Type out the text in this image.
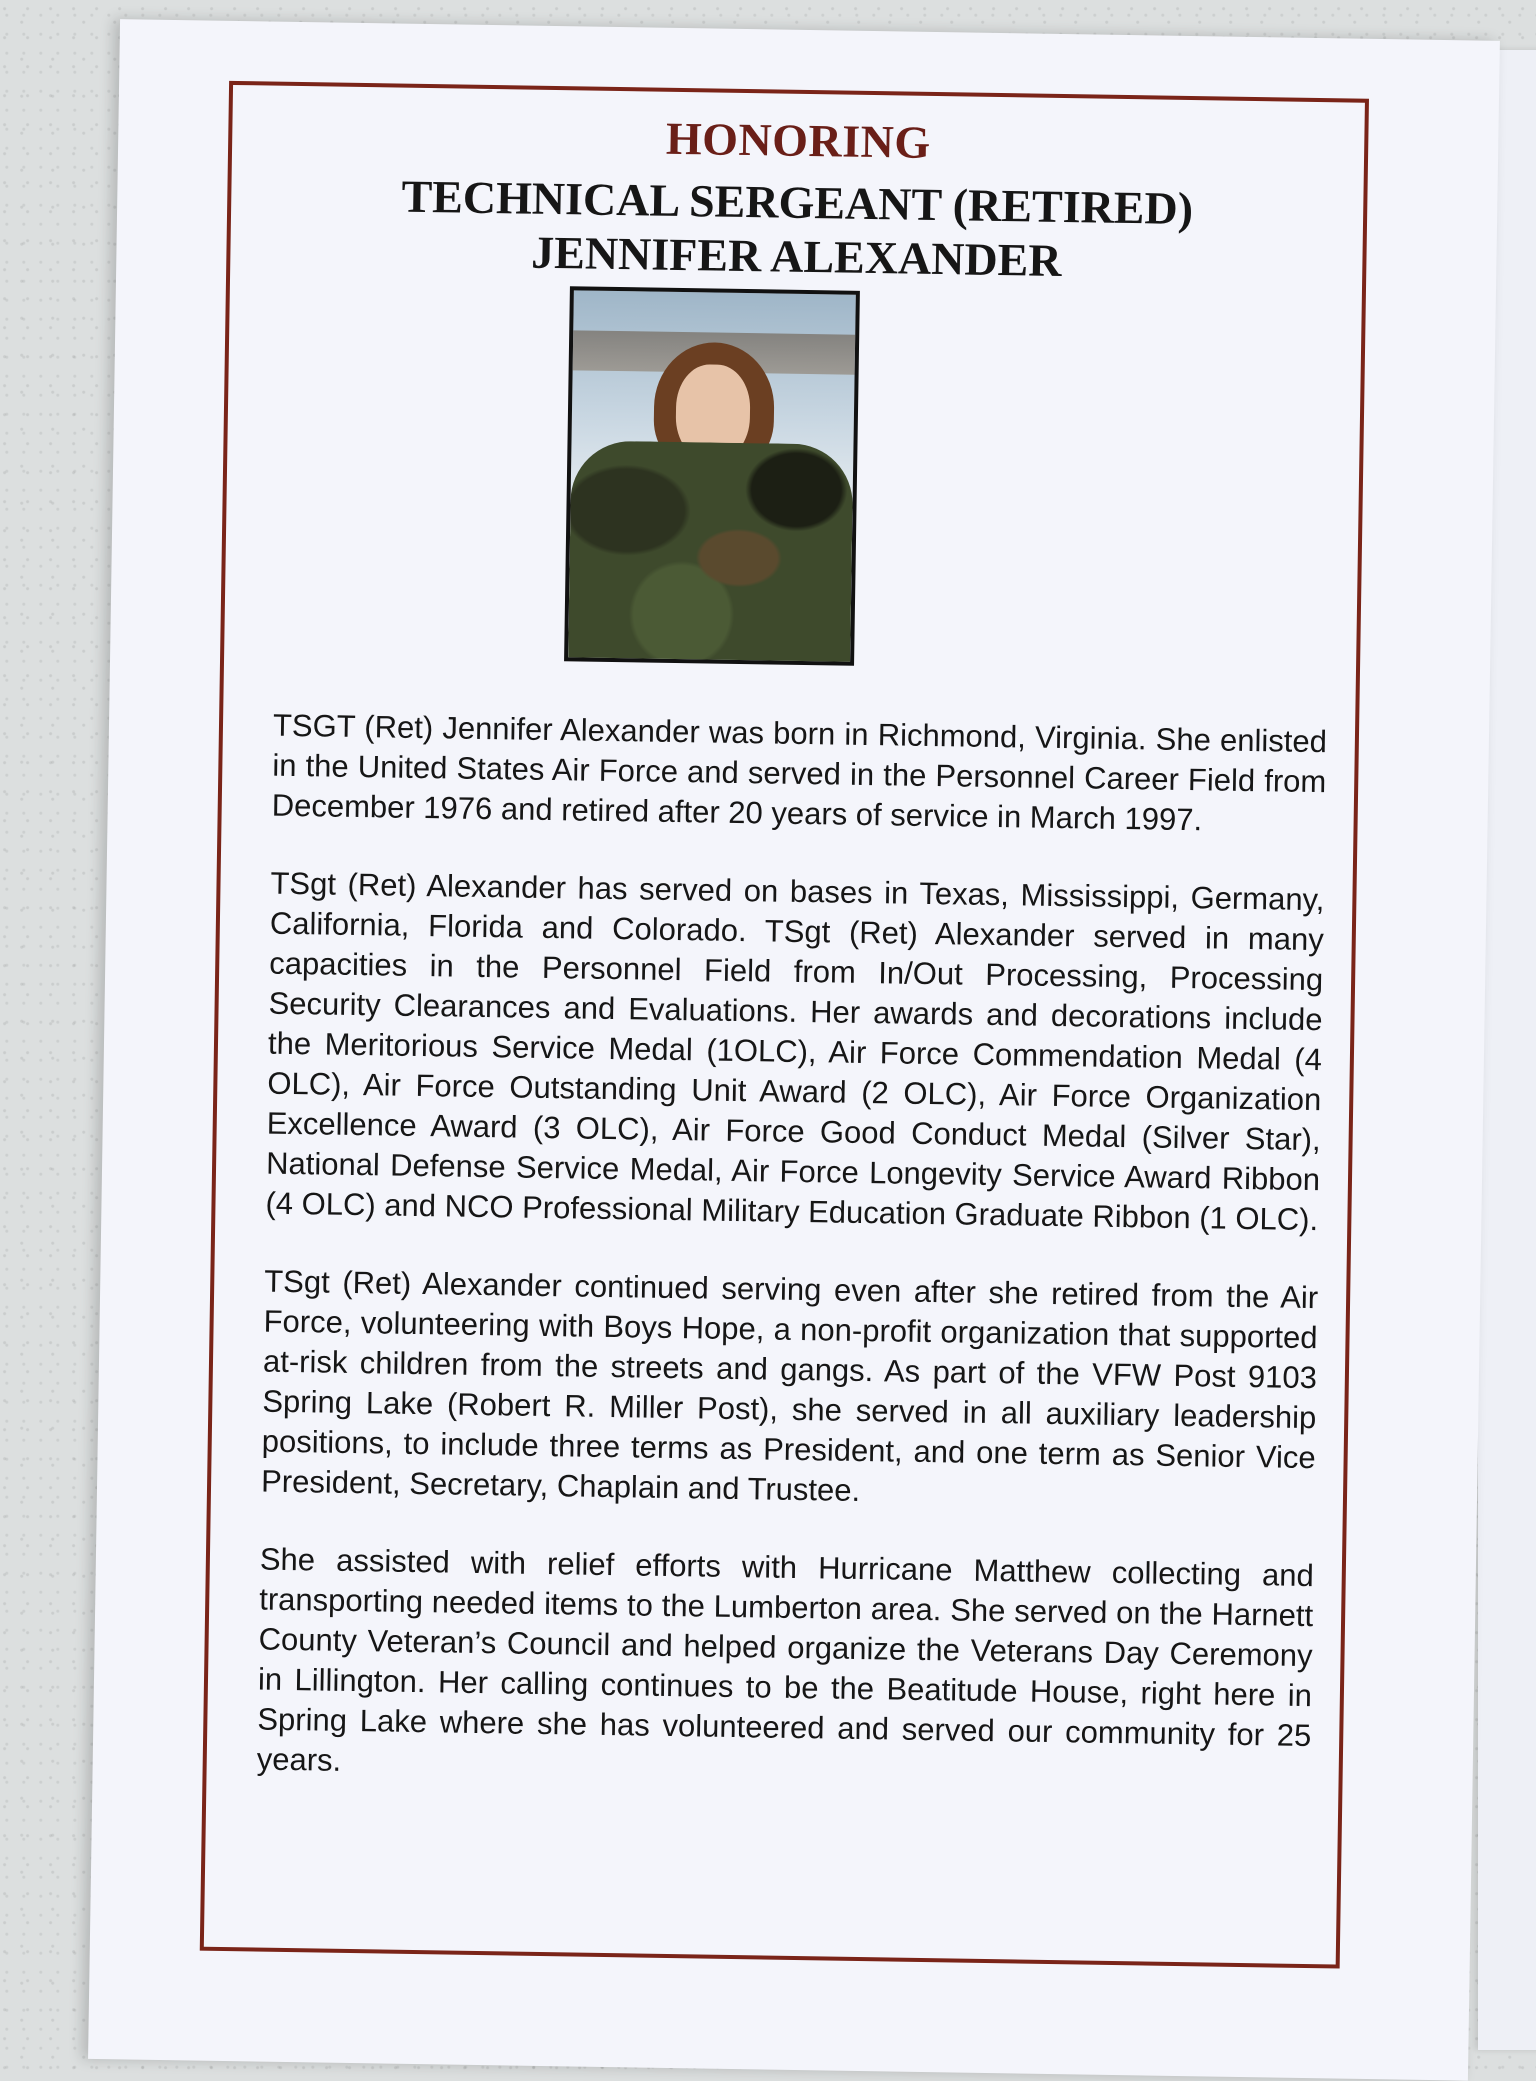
HONORING
TECHNICAL SERGEANT (RETIRED)
JENNIFER ALEXANDER

TSGT (Ret) Jennifer Alexander was born in Richmond, Virginia. She enlisted in the United States Air Force and served in the Personnel Career Field from December 1976 and retired after 20 years of service in March 1997.

TSgt (Ret) Alexander has served on bases in Texas, Mississippi, Germany, California, Florida and Colorado. TSgt (Ret) Alexander served in many capacities in the Personnel Field from In/Out Processing, Processing Security Clearances and Evaluations. Her awards and decorations include the Meritorious Service Medal (1OLC), Air Force Commendation Medal (4 OLC), Air Force Outstanding Unit Award (2 OLC), Air Force Organization Excellence Award (3 OLC), Air Force Good Conduct Medal (Silver Star), National Defense Service Medal, Air Force Longevity Service Award Ribbon (4 OLC) and NCO Professional Military Education Graduate Ribbon (1 OLC).

TSgt (Ret) Alexander continued serving even after she retired from the Air Force, volunteering with Boys Hope, a non-profit organization that supported at-risk children from the streets and gangs. As part of the VFW Post 9103 Spring Lake (Robert R. Miller Post), she served in all auxiliary leadership positions, to include three terms as President, and one term as Senior Vice President, Secretary, Chaplain and Trustee.

She assisted with relief efforts with Hurricane Matthew collecting and transporting needed items to the Lumberton area. She served on the Harnett County Veteran’s Council and helped organize the Veterans Day Ceremony in Lillington. Her calling continues to be the Beatitude House, right here in Spring Lake where she has volunteered and served our community for 25 years.
